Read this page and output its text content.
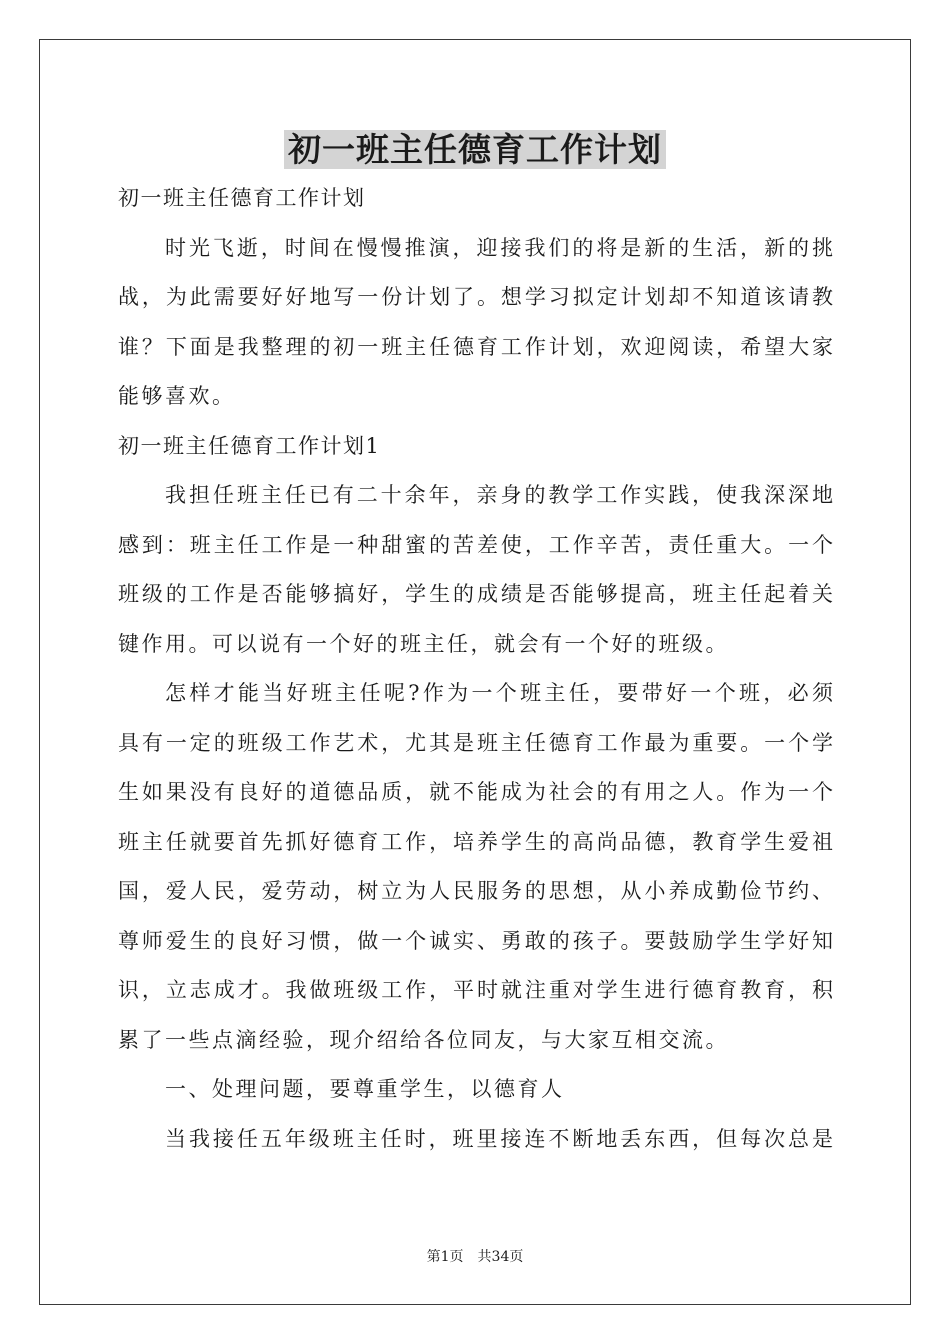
初一班主任德育工作计划
初一班主任德育工作计划
时光飞逝，时间在慢慢推演，迎接我们的将是新的生活，新的挑
战，为此需要好好地写一份计划了。想学习拟定计划却不知道该请教
谁？下面是我整理的初一班主任德育工作计划，欢迎阅读，希望大家
能够喜欢。
初一班主任德育工作计划1
我担任班主任已有二十余年，亲身的教学工作实践，使我深深地
感到：班主任工作是一种甜蜜的苦差使，工作辛苦，责任重大。一个
班级的工作是否能够搞好，学生的成绩是否能够提高，班主任起着关
键作用。可以说有一个好的班主任，就会有一个好的班级。
怎样才能当好班主任呢?作为一个班主任，要带好一个班，必须
具有一定的班级工作艺术，尤其是班主任德育工作最为重要。一个学
生如果没有良好的道德品质，就不能成为社会的有用之人。作为一个
班主任就要首先抓好德育工作，培养学生的高尚品德，教育学生爱祖
国，爱人民，爱劳动，树立为人民服务的思想，从小养成勤俭节约、
尊师爱生的良好习惯，做一个诚实、勇敢的孩子。要鼓励学生学好知
识，立志成才。我做班级工作，平时就注重对学生进行德育教育，积
累了一些点滴经验，现介绍给各位同友，与大家互相交流。
一、处理问题，要尊重学生，以德育人
当我接任五年级班主任时，班里接连不断地丢东西，但每次总是
第1页　共34页
